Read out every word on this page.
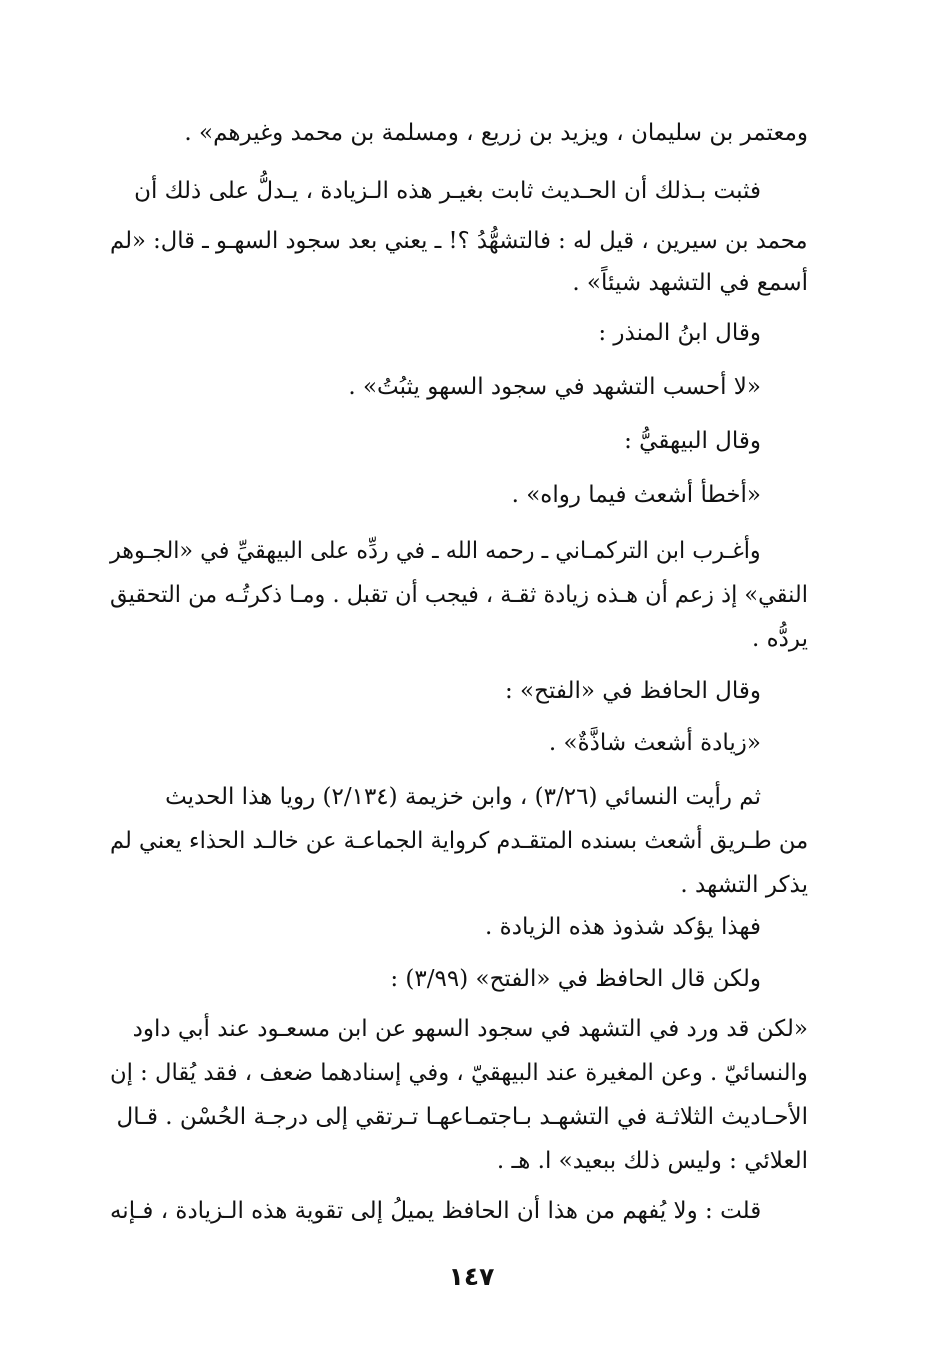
ومعتمر بن سليمان ، ويزيد بن زريع ، ومسلمة بن محمد وغيرهم» .
فثبت بـذلك أن الحـديث ثابت بغيـر هذه الـزيادة ، يـدلُّ على ذلك أن
محمد بن سيرين ، قيل له : فالتشهُّدُ ؟! ـ يعني بعد سجود السهـو ـ قال: «لم
أسمع في التشهد شيئاً» .
وقال ابنُ المنذر :
«لا أحسب التشهد في سجود السهو يثبُتُ» .
وقال البيهقيُّ :
«أخطأ أشعث فيما رواه» .
وأغـرب ابن التركمـاني ـ رحمه الله ـ في ردِّه على البيهقيِّ في «الجـوهر
النقي» إذ زعم أن هـذه زيادة ثقـة ، فيجب أن تقبل . ومـا ذكرتُـه من التحقيق
يردُّه .
وقال الحافظ في «الفتح» :
«زيادة أشعث شاذَّةٌ» .
ثم رأيت النسائي (٣/٢٦) ، وابن خزيمة (٢/١٣٤) رويا هذا الحديث
من طـريق أشعث بسنده المتقـدم كرواية الجماعـة عن خالـد الحذاء يعني لم
يذكر التشهد .
فهذا يؤكد شذوذ هذه الزيادة .
ولكن قال الحافظ في «الفتح» (٣/٩٩) :
«لكن قد ورد في التشهد في سجود السهو عن ابن مسعـود عند أبي داود
والنسائيّ . وعن المغيرة عند البيهقيّ ، وفي إسنادهما ضعف ، فقد يُقال : إن
الأحـاديث الثلاثـة في التشهـد بـاجتمـاعهـا تـرتقي إلى درجـة الحُسْن . قـال
العلائي : وليس ذلك ببعيد» ا. هـ .
قلت : ولا يُفهم من هذا أن الحافظ يميلُ إلى تقوية هذه الـزيادة ، فـإنه
١٤٧
